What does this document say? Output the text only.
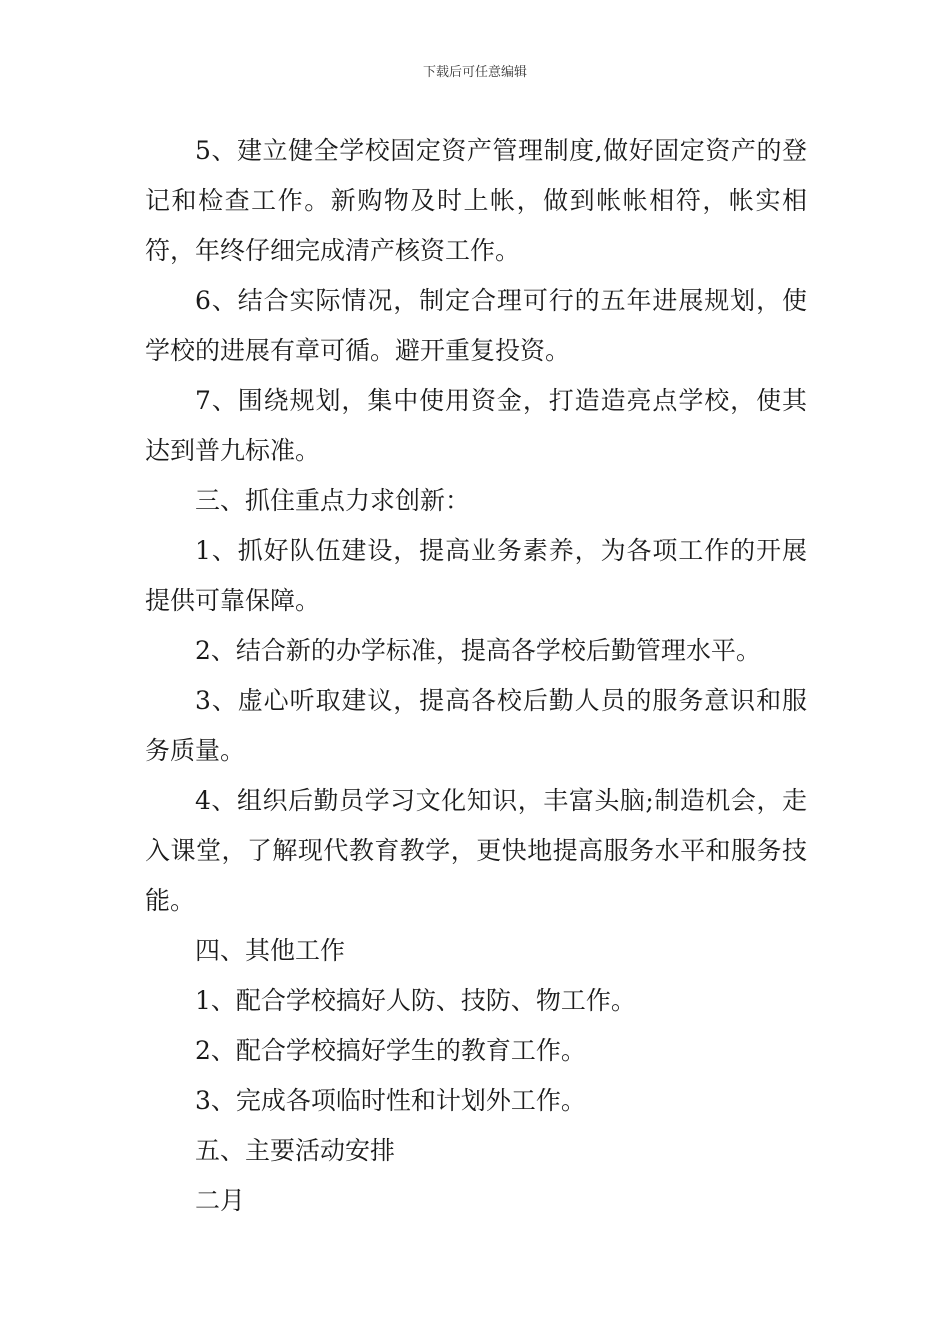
下载后可任意编辑

5、建立健全学校固定资产管理制度,做好固定资产的登记和检查工作。新购物及时上帐，做到帐帐相符，帐实相符，年终仔细完成清产核资工作。

6、结合实际情况，制定合理可行的五年进展规划，使学校的进展有章可循。避开重复投资。

7、围绕规划，集中使用资金，打造造亮点学校，使其达到普九标准。

三、抓住重点力求创新：

1、抓好队伍建设，提高业务素养，为各项工作的开展提供可靠保障。

2、结合新的办学标准，提高各学校后勤管理水平。

3、虚心听取建议，提高各校后勤人员的服务意识和服务质量。

4、组织后勤员学习文化知识，丰富头脑;制造机会，走入课堂，了解现代教育教学，更快地提高服务水平和服务技能。

四、其他工作

1、配合学校搞好人防、技防、物工作。

2、配合学校搞好学生的教育工作。

3、完成各项临时性和计划外工作。

五、主要活动安排

二月
